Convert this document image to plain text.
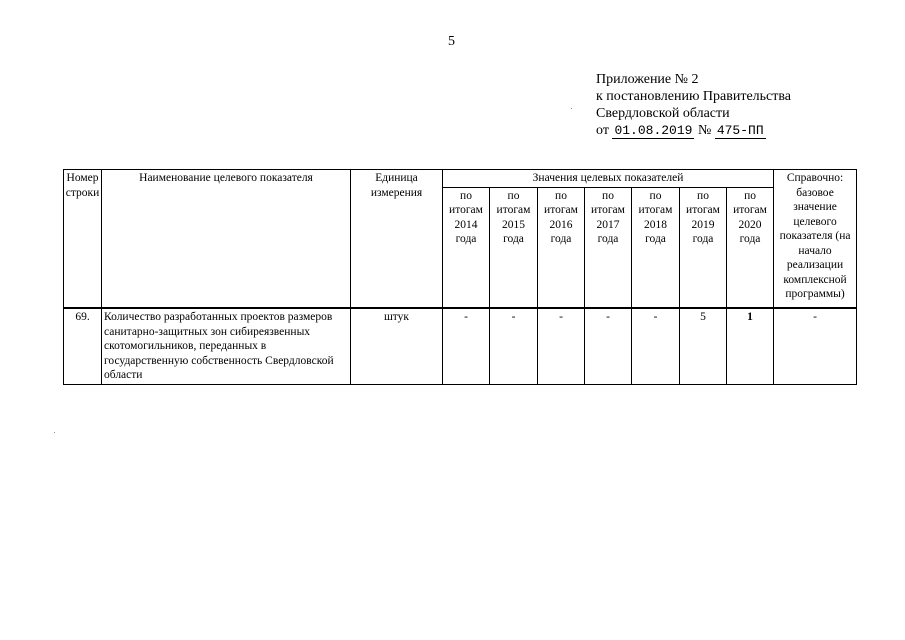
5
Приложение № 2
к постановлению Правительства
Свердловской области
от 01.08.2019 № 475-ПП
Номер строки	Наименование целевого показателя	Единица измерения	Значения целевых показателей							Справочно: базовое значение целевого показателя (на начало реализации комплексной программы)
			по итогам 2014 года	по итогам 2015 года	по итогам 2016 года	по итогам 2017 года	по итогам 2018 года	по итогам 2019 года	по итогам 2020 года	
69.	Количество разработанных проектов размеров санитарно-защитных зон сибиреязвенных скотомогильников, переданных в государственную собственность Свердловской области	штук	-	-	-	-	-	5	1	-
